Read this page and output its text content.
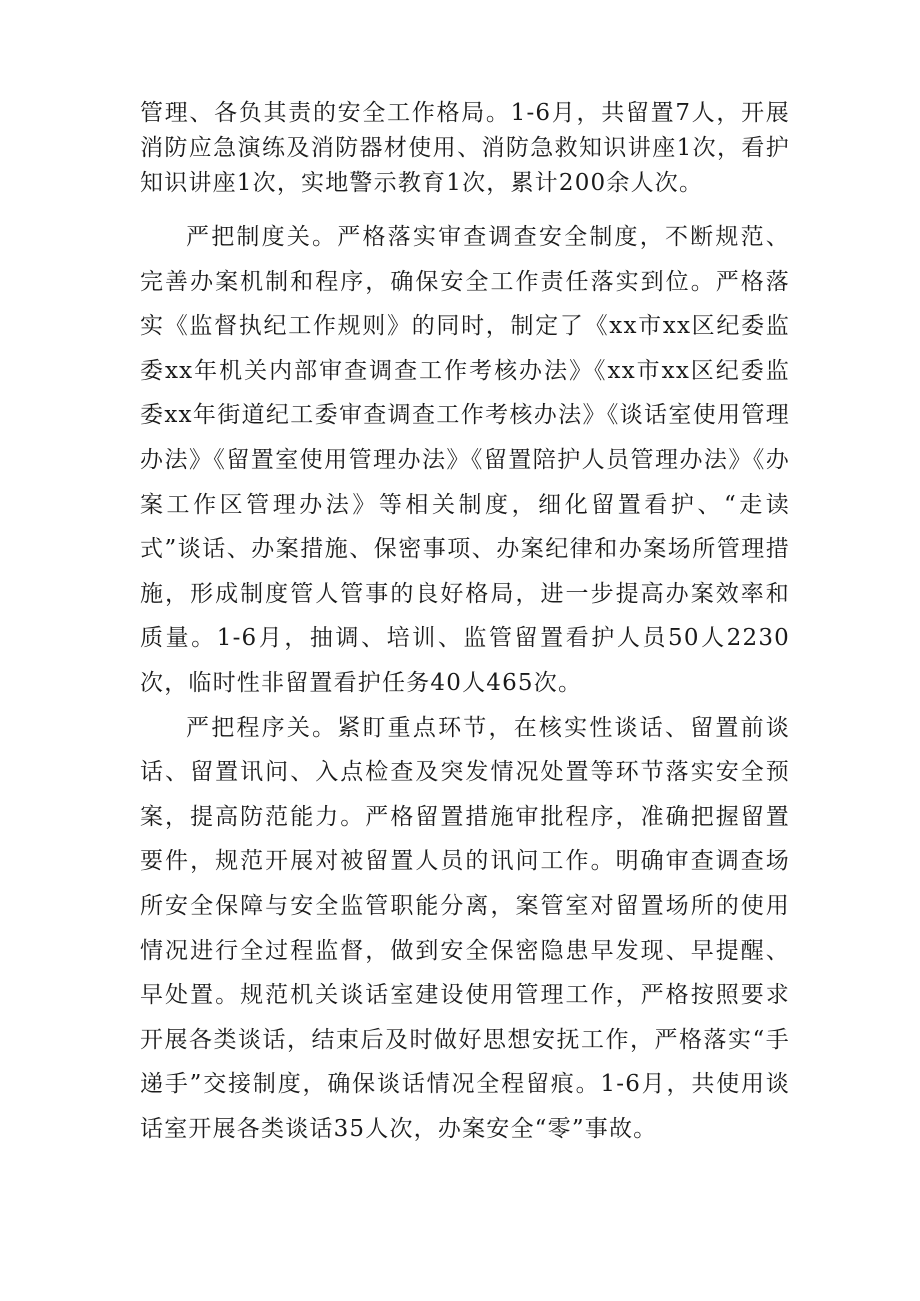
管理、各负其责的安全工作格局。1-6月，共留置7人，开展消防应急演练及消防器材使用、消防急救知识讲座1次，看护知识讲座1次，实地警示教育1次，累计200余人次。

严把制度关。严格落实审查调查安全制度，不断规范、完善办案机制和程序，确保安全工作责任落实到位。严格落实《监督执纪工作规则》的同时，制定了《xx市xx区纪委监委xx年机关内部审查调查工作考核办法》《xx市xx区纪委监委xx年街道纪工委审查调查工作考核办法》《谈话室使用管理办法》《留置室使用管理办法》《留置陪护人员管理办法》《办案工作区管理办法》等相关制度，细化留置看护、“走读式”谈话、办案措施、保密事项、办案纪律和办案场所管理措施，形成制度管人管事的良好格局，进一步提高办案效率和质量。1-6月，抽调、培训、监管留置看护人员50人2230次，临时性非留置看护任务40人465次。

严把程序关。紧盯重点环节，在核实性谈话、留置前谈话、留置讯问、入点检查及突发情况处置等环节落实安全预案，提高防范能力。严格留置措施审批程序，准确把握留置要件，规范开展对被留置人员的讯问工作。明确审查调查场所安全保障与安全监管职能分离，案管室对留置场所的使用情况进行全过程监督，做到安全保密隐患早发现、早提醒、早处置。规范机关谈话室建设使用管理工作，严格按照要求开展各类谈话，结束后及时做好思想安抚工作，严格落实“手递手”交接制度，确保谈话情况全程留痕。1-6月，共使用谈话室开展各类谈话35人次，办案安全“零”事故。
